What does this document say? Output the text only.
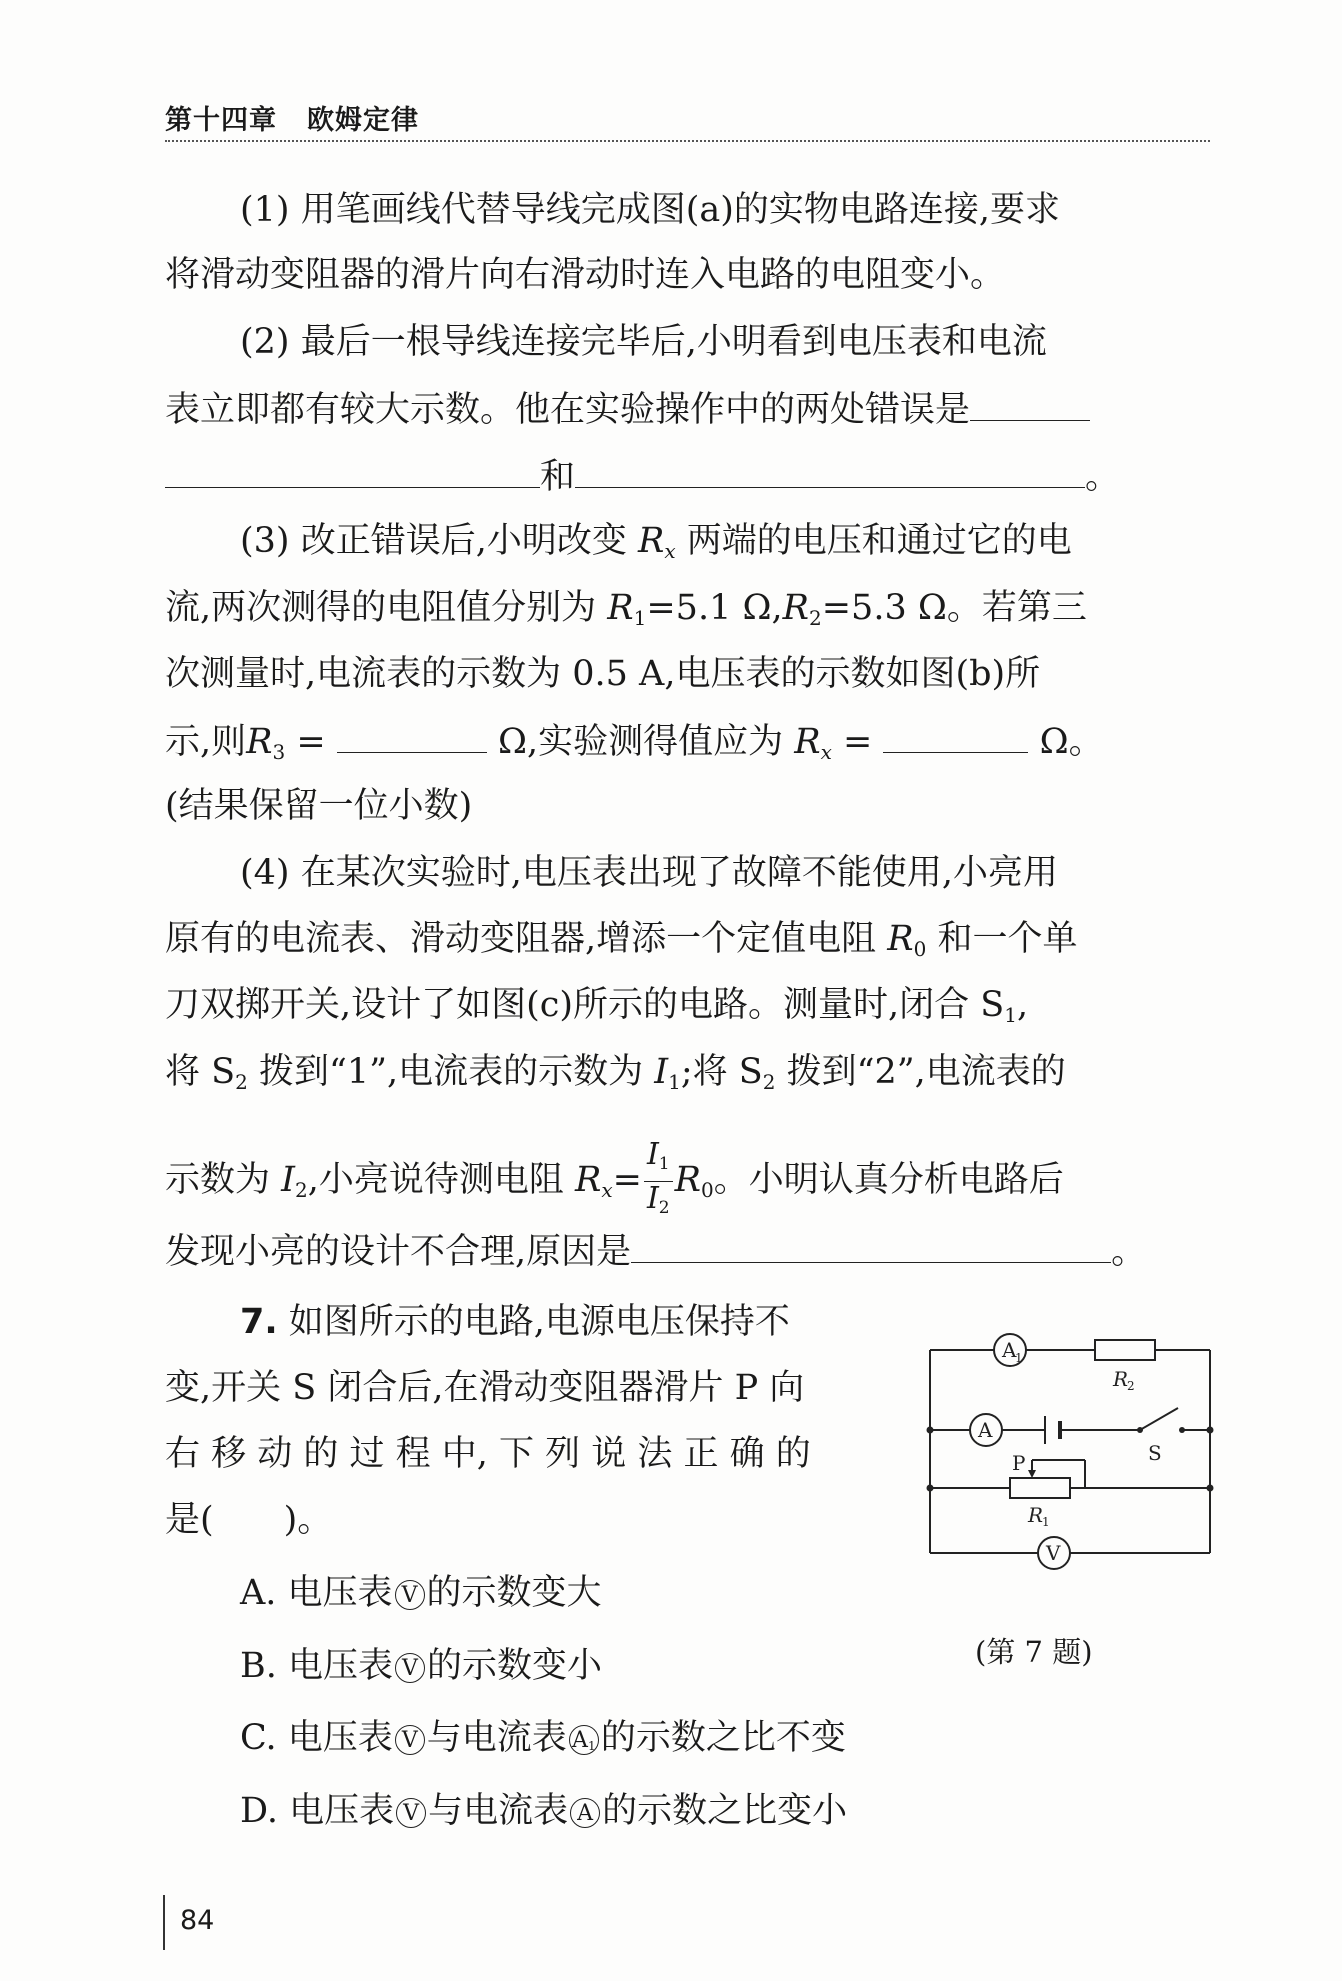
第十四章 欧姆定律
(1) 用笔画线代替导线完成图(a)的实物电路连接,要求
将滑动变阻器的滑片向右滑动时连入电路的电阻变小。
(2) 最后一根导线连接完毕后,小明看到电压表和电流
表立即都有较大示数。他在实验操作中的两处错误是
和	。
(3) 改正错误后,小明改变 $R_x$ 两端的电压和通过它的电
流,两次测得的电阻值分别为 $R_1=5.1$ $\Omega,R_2=5.3$ Ω。若第三
次测量时,电流表的示数为 0.5 A,电压表的示数如图(b)所
示,则$R_3$ =	Ω,实验测得值应为 $R_x$ =	Ω。
(结果保留一位小数)
(4) 在某次实验时,电压表出现了故障不能使用,小亮用
原有的电流表、滑动变阻器,增添一个定值电阻 $R_0$ 和一个单
刀双掷开关,设计了如图(c)所示的电路。测量时,闭合 $S_1$,
将 $S_2$ 拨到“1”,电流表的示数为 $I_1$;将 $S_2$ 拨到“2”,电流表的
示数为 $I_2$,小亮说待测电阻 $R_x= \frac{I_1}{I_2} R_0$。小明认真分析电路后
发现小亮的设计不合理,原因是	。
7. 如图所示的电路,电源电压保持不
变,开关 S 闭合后,在滑动变阻器滑片 P 向
右 移 动 的 过 程 中, 下 列 说 法 正 确 的
是(　　)。
A. 电压表 V 的示数变大
B. 电压表 V 的示数变小
C. 电压表 V 与电流表 $A_1$ 的示数之比不变
D. 电压表 V 与电流表 A 的示数之比变小
A
1
A
V
R
2
S
P
R
1
(第 7 题)
84
